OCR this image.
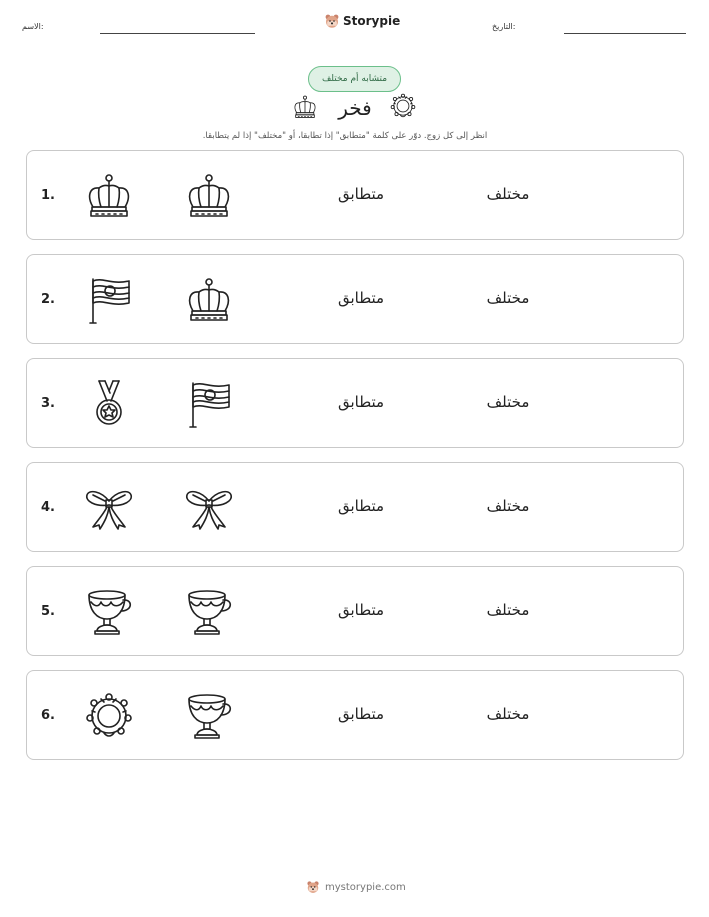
الاسم:	Storypie	التاريخ:
متشابه أم مختلف
فخر
انظر إلى كل زوج. دوّر على كلمة "متطابق" إذا تطابقا، أو "مختلف" إذا لم يتطابقا.
1.	متطابق	مختلف
2.	متطابق	مختلف
3.	متطابق	مختلف
4.	متطابق	مختلف
5.	متطابق	مختلف
6.	متطابق	مختلف
mystorypie.com
